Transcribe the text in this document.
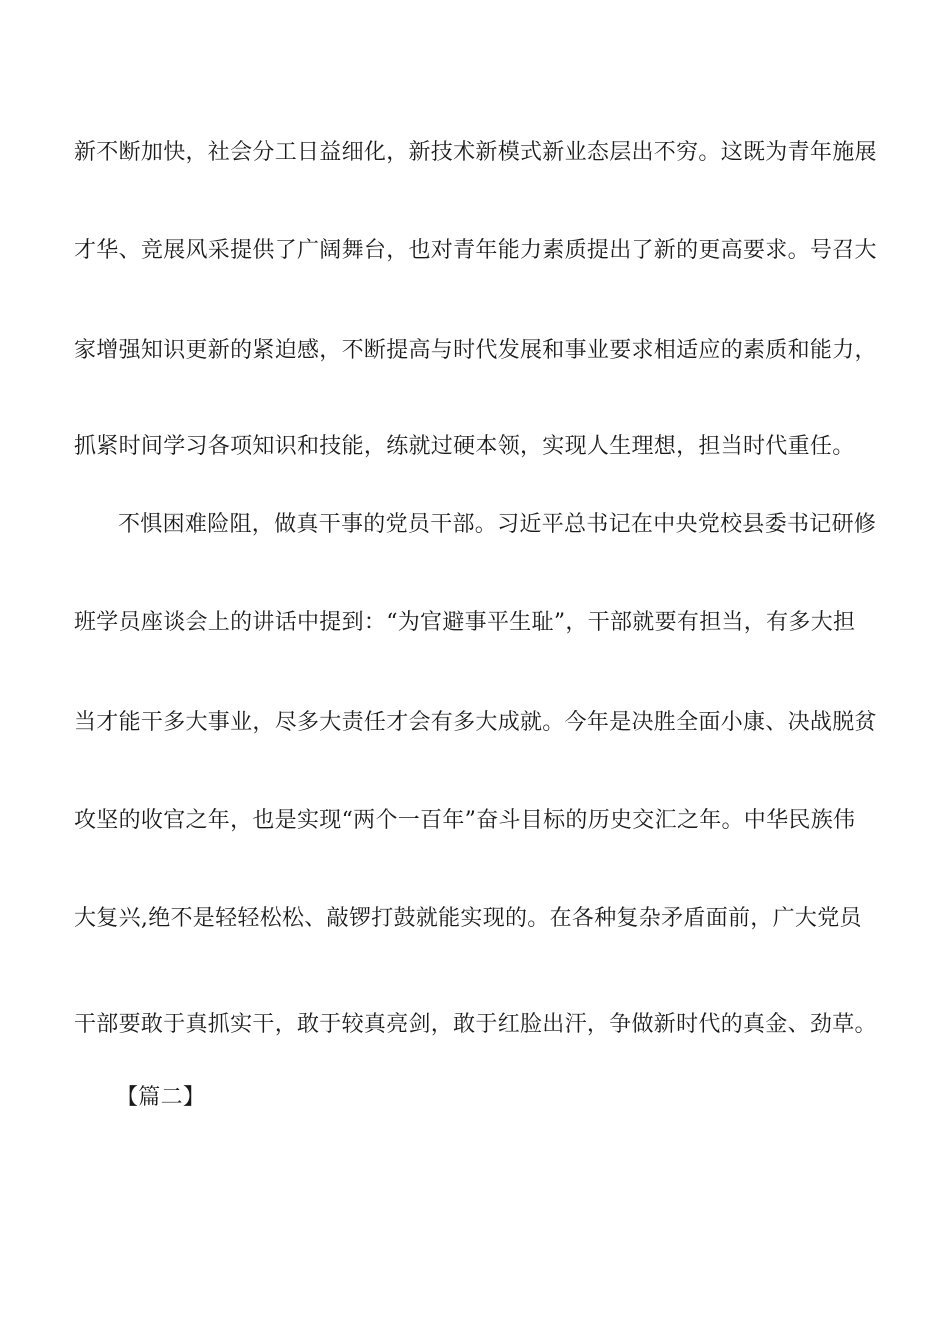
新不断加快，社会分工日益细化，新技术新模式新业态层出不穷。这既为青年施展
才华、竞展风采提供了广阔舞台，也对青年能力素质提出了新的更高要求。号召大
家增强知识更新的紧迫感，不断提高与时代发展和事业要求相适应的素质和能力，
抓紧时间学习各项知识和技能，练就过硬本领，实现人生理想，担当时代重任。
不惧困难险阻，做真干事的党员干部。习近平总书记在中央党校县委书记研修
班学员座谈会上的讲话中提到：“为官避事平生耻”，干部就要有担当，有多大担
当才能干多大事业，尽多大责任才会有多大成就。今年是决胜全面小康、决战脱贫
攻坚的收官之年，也是实现“两个一百年”奋斗目标的历史交汇之年。中华民族伟
大复兴,绝不是轻轻松松、敲锣打鼓就能实现的。在各种复杂矛盾面前，广大党员
干部要敢于真抓实干，敢于较真亮剑，敢于红脸出汗，争做新时代的真金、劲草。
【篇二】
